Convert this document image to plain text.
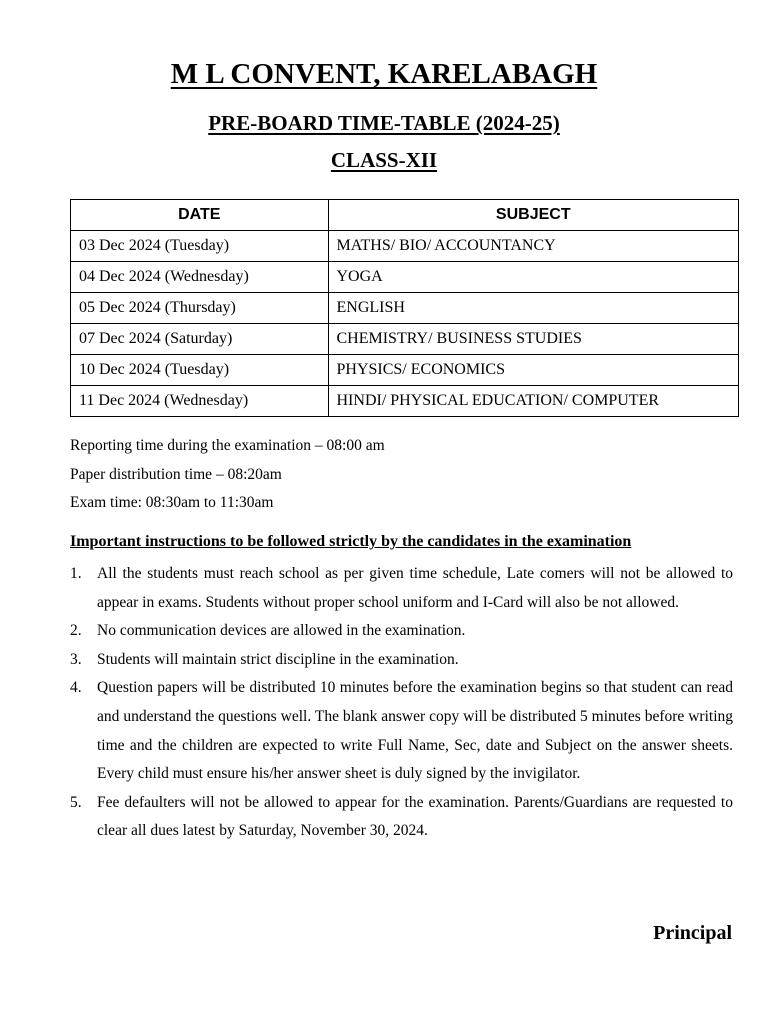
M L CONVENT, KARELABAGH
PRE-BOARD TIME-TABLE (2024-25)
CLASS-XII
DATE	SUBJECT
03 Dec 2024 (Tuesday)	MATHS/ BIO/ ACCOUNTANCY
04 Dec 2024 (Wednesday)	YOGA
05 Dec 2024 (Thursday)	ENGLISH
07 Dec 2024 (Saturday)	CHEMISTRY/ BUSINESS STUDIES
10 Dec 2024 (Tuesday)	PHYSICS/ ECONOMICS
11 Dec 2024 (Wednesday)	HINDI/ PHYSICAL EDUCATION/ COMPUTER
Reporting time during the examination – 08:00 am
Paper distribution time – 08:20am
Exam time: 08:30am to 11:30am
Important instructions to be followed strictly by the candidates in the examination
1. All the students must reach school as per given time schedule, Late comers will not be allowed to appear in exams. Students without proper school uniform and I-Card will also be not allowed.
2. No communication devices are allowed in the examination.
3. Students will maintain strict discipline in the examination.
4. Question papers will be distributed 10 minutes before the examination begins so that student can read and understand the questions well. The blank answer copy will be distributed 5 minutes before writing time and the children are expected to write Full Name, Sec, date and Subject on the answer sheets. Every child must ensure his/her answer sheet is duly signed by the invigilator.
5. Fee defaulters will not be allowed to appear for the examination. Parents/Guardians are requested to clear all dues latest by Saturday, November 30, 2024.
Principal
